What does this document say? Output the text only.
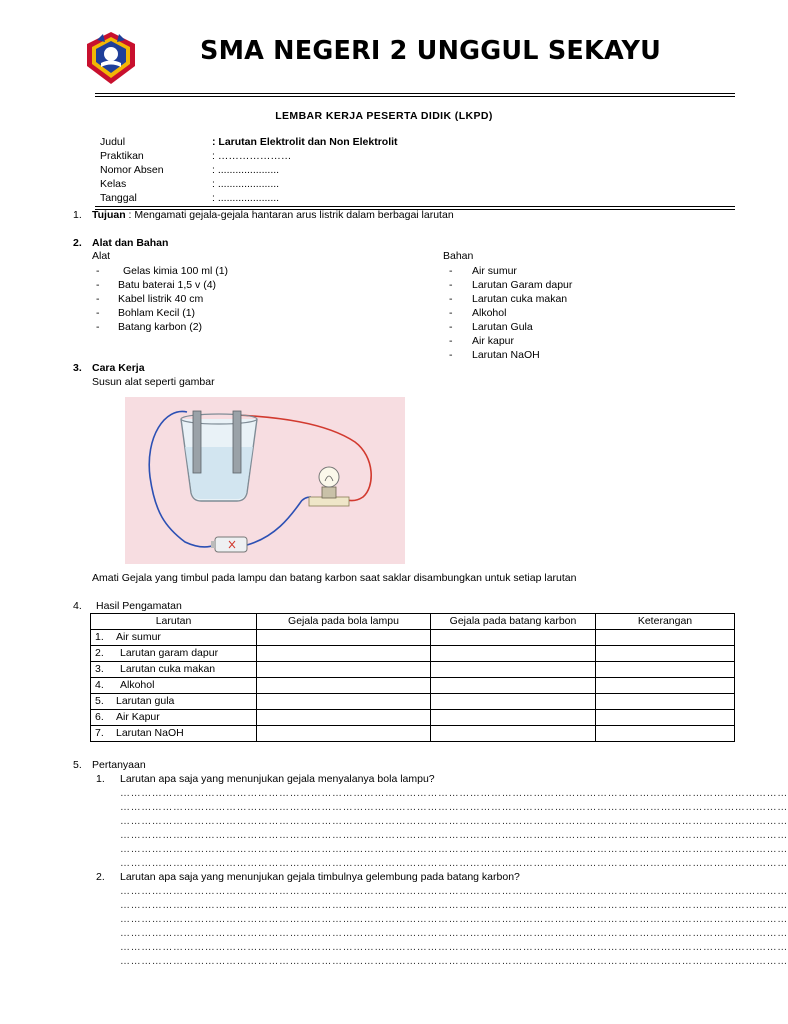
SMA NEGERI 2 UNGGUL SEKAYU
LEMBAR KERJA PESERTA DIDIK (LKPD)
Judul	: Larutan Elektrolit dan Non Elektrolit
Praktikan	: …………………
Nomor Absen	: .....................
Kelas	: .....................
Tanggal	: .....................
1. Tujuan : Mengamati gejala-gejala hantaran arus listrik dalam berbagai larutan
2. Alat dan Bahan
Alat	Bahan
- Gelas kimia 100 ml (1)
- Batu baterai 1,5 v (4)
- Kabel listrik 40 cm
- Bohlam Kecil (1)
- Batang karbon (2)
- Air sumur
- Larutan Garam dapur
- Larutan cuka makan
- Alkohol
- Larutan Gula
- Air kapur
- Larutan NaOH
3. Cara Kerja
Susun alat seperti gambar
Amati Gejala yang timbul pada lampu dan batang karbon saat saklar disambungkan untuk setiap larutan
4. Hasil Pengamatan
Larutan	Gejala pada bola lampu	Gejala pada batang karbon	Keterangan
1. Air sumur			
2. Larutan garam dapur			
3. Larutan cuka makan			
4. Alkohol			
5. Larutan gula			
6. Air Kapur			
7. Larutan NaOH			
5. Pertanyaan
1. Larutan apa saja yang menunjukan gejala menyalanya bola lampu?
………………………………………………………………………………………………………………………………………………………………………
………………………………………………………………………………………………………………………………………………………………………
………………………………………………………………………………………………………………………………………………………………………
………………………………………………………………………………………………………………………………………………………………………
………………………………………………………………………………………………………………………………………………………………………
………………………………………………………………………………………………………………………………………………………………………
2. Larutan apa saja yang menunjukan gejala timbulnya gelembung pada batang karbon?
………………………………………………………………………………………………………………………………………………………………………
………………………………………………………………………………………………………………………………………………………………………
………………………………………………………………………………………………………………………………………………………………………
………………………………………………………………………………………………………………………………………………………………………
………………………………………………………………………………………………………………………………………………………………………
………………………………………………………………………………………………………………………………………………………………………
